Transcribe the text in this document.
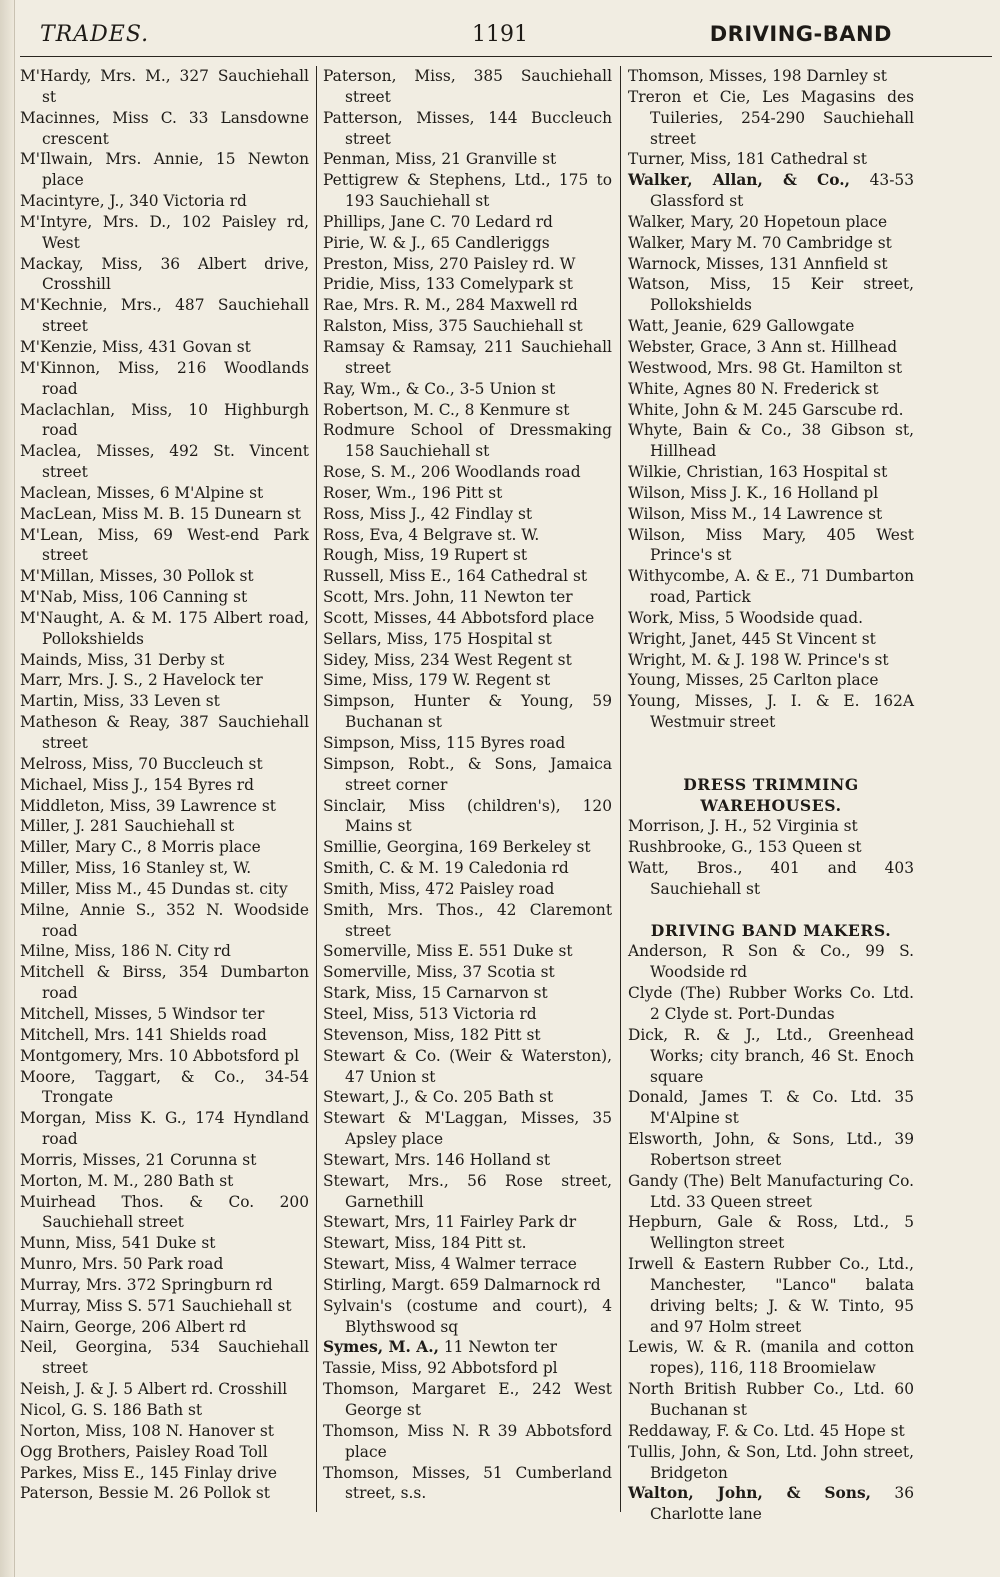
TRADES.	1191	DRIVING-BAND
M'Hardy, Mrs. M., 327 Sauchiehall st
Macinnes, Miss C. 33 Lansdowne crescent
M'Ilwain, Mrs. Annie, 15 Newton place
Macintyre, J., 340 Victoria rd
M'Intyre, Mrs. D., 102 Paisley rd, West
Mackay, Miss, 36 Albert drive, Crosshill
M'Kechnie, Mrs., 487 Sauchiehall street
M'Kenzie, Miss, 431 Govan st
M'Kinnon, Miss, 216 Woodlands road
Maclachlan, Miss, 10 Highburgh road
Maclea, Misses, 492 St. Vincent street
Maclean, Misses, 6 M'Alpine st
MacLean, Miss M. B. 15 Dunearn st
M'Lean, Miss, 69 West-end Park street
M'Millan, Misses, 30 Pollok st
M'Nab, Miss, 106 Canning st
M'Naught, A. & M. 175 Albert road, Pollokshields
Mainds, Miss, 31 Derby st
Marr, Mrs. J. S., 2 Havelock ter
Martin, Miss, 33 Leven st
Matheson & Reay, 387 Sauchiehall street
Melross, Miss, 70 Buccleuch st
Michael, Miss J., 154 Byres rd
Middleton, Miss, 39 Lawrence st
Miller, J. 281 Sauchiehall st
Miller, Mary C., 8 Morris place
Miller, Miss, 16 Stanley st, W.
Miller, Miss M., 45 Dundas st. city
Milne, Annie S., 352 N. Woodside road
Milne, Miss, 186 N. City rd
Mitchell & Birss, 354 Dumbarton road
Mitchell, Misses, 5 Windsor ter
Mitchell, Mrs. 141 Shields road
Montgomery, Mrs. 10 Abbotsford pl
Moore, Taggart, & Co., 34-54 Trongate
Morgan, Miss K. G., 174 Hyndland road
Morris, Misses, 21 Corunna st
Morton, M. M., 280 Bath st
Muirhead Thos. & Co. 200 Sauchiehall street
Munn, Miss, 541 Duke st
Munro, Mrs. 50 Park road
Murray, Mrs. 372 Springburn rd
Murray, Miss S. 571 Sauchiehall st
Nairn, George, 206 Albert rd
Neil, Georgina, 534 Sauchiehall street
Neish, J. & J. 5 Albert rd. Crosshill
Nicol, G. S. 186 Bath st
Norton, Miss, 108 N. Hanover st
Ogg Brothers, Paisley Road Toll
Parkes, Miss E., 145 Finlay drive
Paterson, Bessie M. 26 Pollok st
Paterson, Miss, 385 Sauchiehall street
Patterson, Misses, 144 Buccleuch street
Penman, Miss, 21 Granville st
Pettigrew & Stephens, Ltd., 175 to 193 Sauchiehall st
Phillips, Jane C. 70 Ledard rd
Pirie, W. & J., 65 Candleriggs
Preston, Miss, 270 Paisley rd. W
Pridie, Miss, 133 Comelypark st
Rae, Mrs. R. M., 284 Maxwell rd
Ralston, Miss, 375 Sauchiehall st
Ramsay & Ramsay, 211 Sauchiehall street
Ray, Wm., & Co., 3-5 Union st
Robertson, M. C., 8 Kenmure st
Rodmure School of Dressmaking 158 Sauchiehall st
Rose, S. M., 206 Woodlands road
Roser, Wm., 196 Pitt st
Ross, Miss J., 42 Findlay st
Ross, Eva, 4 Belgrave st. W.
Rough, Miss, 19 Rupert st
Russell, Miss E., 164 Cathedral st
Scott, Mrs. John, 11 Newton ter
Scott, Misses, 44 Abbotsford place
Sellars, Miss, 175 Hospital st
Sidey, Miss, 234 West Regent st
Sime, Miss, 179 W. Regent st
Simpson, Hunter & Young, 59 Buchanan st
Simpson, Miss, 115 Byres road
Simpson, Robt., & Sons, Jamaica street corner
Sinclair, Miss (children's), 120 Mains st
Smillie, Georgina, 169 Berkeley st
Smith, C. & M. 19 Caledonia rd
Smith, Miss, 472 Paisley road
Smith, Mrs. Thos., 42 Claremont street
Somerville, Miss E. 551 Duke st
Somerville, Miss, 37 Scotia st
Stark, Miss, 15 Carnarvon st
Steel, Miss, 513 Victoria rd
Stevenson, Miss, 182 Pitt st
Stewart & Co. (Weir & Waterston), 47 Union st
Stewart, J., & Co. 205 Bath st
Stewart & M'Laggan, Misses, 35 Apsley place
Stewart, Mrs. 146 Holland st
Stewart, Mrs., 56 Rose street, Garnethill
Stewart, Mrs, 11 Fairley Park dr
Stewart, Miss, 184 Pitt st.
Stewart, Miss, 4 Walmer terrace
Stirling, Margt. 659 Dalmarnock rd
Sylvain's (costume and court), 4 Blythswood sq
Symes, M. A., 11 Newton ter
Tassie, Miss, 92 Abbotsford pl
Thomson, Margaret E., 242 West George st
Thomson, Miss N. R 39 Abbotsford place
Thomson, Misses, 51 Cumberland street, s.s.
Thomson, Misses, 198 Darnley st
Treron et Cie, Les Magasins des Tuileries, 254-290 Sauchiehall street
Turner, Miss, 181 Cathedral st
Walker, Allan, & Co., 43-53 Glassford st
Walker, Mary, 20 Hopetoun place
Walker, Mary M. 70 Cambridge st
Warnock, Misses, 131 Annfield st
Watson, Miss, 15 Keir street, Pollokshields
Watt, Jeanie, 629 Gallowgate
Webster, Grace, 3 Ann st. Hillhead
Westwood, Mrs. 98 Gt. Hamilton st
White, Agnes 80 N. Frederick st
White, John & M. 245 Garscube rd.
Whyte, Bain & Co., 38 Gibson st, Hillhead
Wilkie, Christian, 163 Hospital st
Wilson, Miss J. K., 16 Holland pl
Wilson, Miss M., 14 Lawrence st
Wilson, Miss Mary, 405 West Prince's st
Withycombe, A. & E., 71 Dumbarton road, Partick
Work, Miss, 5 Woodside quad.
Wright, Janet, 445 St Vincent st
Wright, M. & J. 198 W. Prince's st
Young, Misses, 25 Carlton place
Young, Misses, J. I. & E. 162A Westmuir street
DRESS TRIMMING WAREHOUSES.
Morrison, J. H., 52 Virginia st
Rushbrooke, G., 153 Queen st
Watt, Bros., 401 and 403 Sauchiehall st
DRIVING BAND MAKERS.
Anderson, R Son & Co., 99 S. Woodside rd
Clyde (The) Rubber Works Co. Ltd. 2 Clyde st. Port-Dundas
Dick, R. & J., Ltd., Greenhead Works; city branch, 46 St. Enoch square
Donald, James T. & Co. Ltd. 35 M'Alpine st
Elsworth, John, & Sons, Ltd., 39 Robertson street
Gandy (The) Belt Manufacturing Co. Ltd. 33 Queen street
Hepburn, Gale & Ross, Ltd., 5 Wellington street
Irwell & Eastern Rubber Co., Ltd., Manchester, "Lanco" balata driving belts; J. & W. Tinto, 95 and 97 Holm street
Lewis, W. & R. (manila and cotton ropes), 116, 118 Broomielaw
North British Rubber Co., Ltd. 60 Buchanan st
Reddaway, F. & Co. Ltd. 45 Hope st
Tullis, John, & Son, Ltd. John street, Bridgeton
Walton, John, & Sons, 36 Charlotte lane
